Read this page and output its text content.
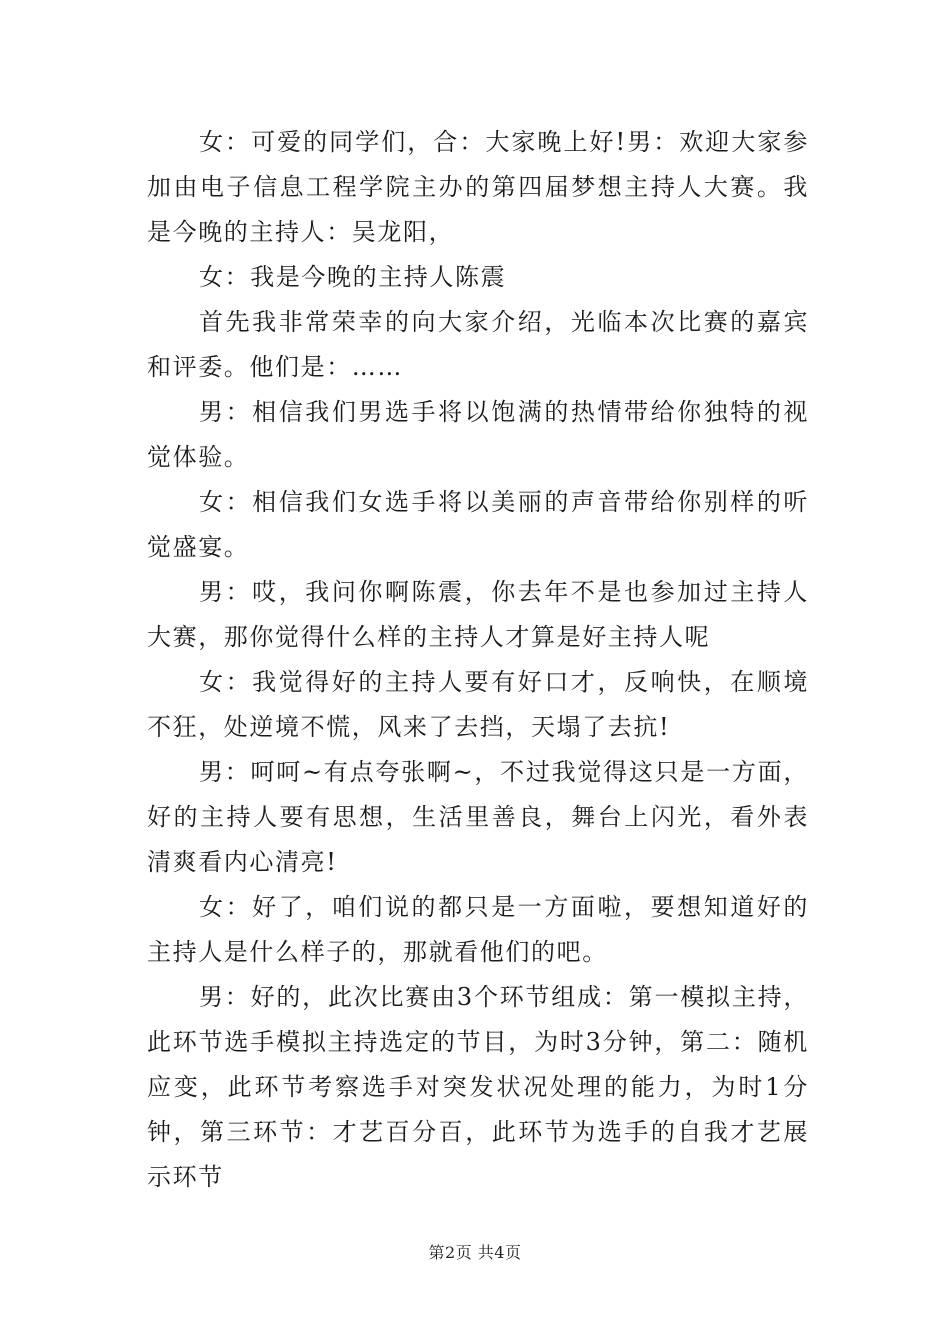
女：可爱的同学们，合：大家晚上好!男：欢迎大家参加由电子信息工程学院主办的第四届梦想主持人大赛。我是今晚的主持人：吴龙阳，

女：我是今晚的主持人陈震

首先我非常荣幸的向大家介绍，光临本次比赛的嘉宾和评委。他们是：……

男：相信我们男选手将以饱满的热情带给你独特的视觉体验。

女：相信我们女选手将以美丽的声音带给你别样的听觉盛宴。

男：哎，我问你啊陈震，你去年不是也参加过主持人大赛，那你觉得什么样的主持人才算是好主持人呢

女：我觉得好的主持人要有好口才，反响快，在顺境不狂，处逆境不慌，风来了去挡，天塌了去抗!

男：呵呵~有点夸张啊~，不过我觉得这只是一方面，好的主持人要有思想，生活里善良，舞台上闪光，看外表清爽看内心清亮!

女：好了，咱们说的都只是一方面啦，要想知道好的主持人是什么样子的，那就看他们的吧。

男：好的，此次比赛由3个环节组成：第一模拟主持，此环节选手模拟主持选定的节目，为时3分钟，第二：随机应变，此环节考察选手对突发状况处理的能力，为时1分钟，第三环节：才艺百分百，此环节为选手的自我才艺展示环节

第2页 共4页
